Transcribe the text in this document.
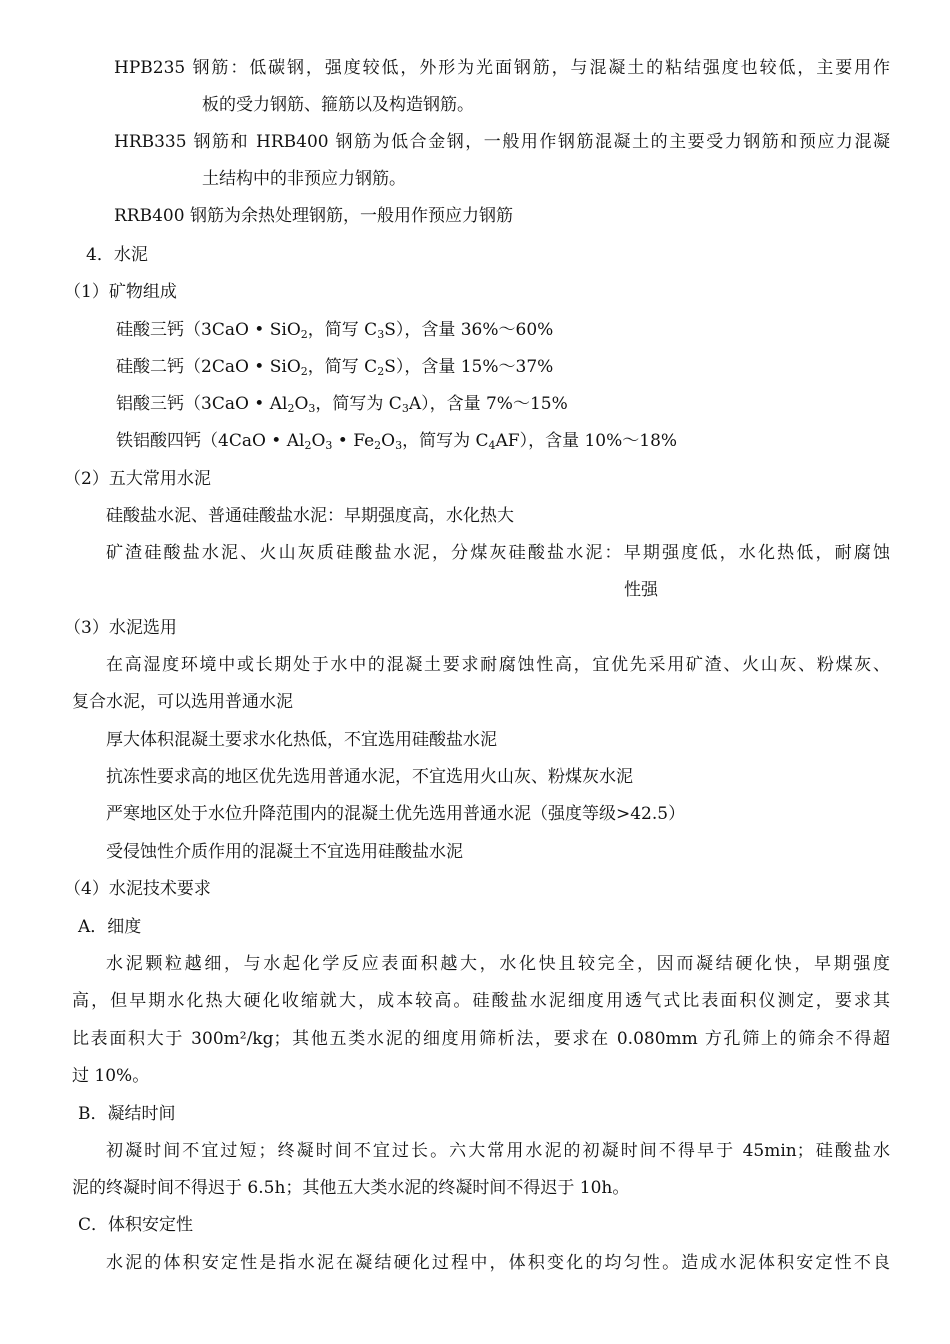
HPB235 钢筋：低碳钢，强度较低，外形为光面钢筋，与混凝土的粘结强度也较低，主要用作
板的受力钢筋、箍筋以及构造钢筋。
HRB335 钢筋和 HRB400 钢筋为低合金钢，一般用作钢筋混凝土的主要受力钢筋和预应力混凝
土结构中的非预应力钢筋。
RRB400 钢筋为余热处理钢筋，一般用作预应力钢筋
4．水泥
（1）矿物组成
硅酸三钙（3CaO • SiO$_2$，简写 $C_3S$），含量 36%～60%
硅酸二钙（2CaO • SiO$_2$，简写 $C_2S$），含量 15%～37%
铝酸三钙（3CaO • $Al_2O_3$，简写为 $C_3A$），含量 7%～15%
铁铝酸四钙（4CaO • $Al_2O_3$ • $Fe_2O_3$，简写为 $C_4AF$），含量 10%～18%
（2）五大常用水泥
硅酸盐水泥、普通硅酸盐水泥：早期强度高，水化热大
矿渣硅酸盐水泥、火山灰质硅酸盐水泥，分煤灰硅酸盐水泥：早期强度低，水化热低，耐腐蚀
性强
（3）水泥选用
在高湿度环境中或长期处于水中的混凝土要求耐腐蚀性高，宜优先采用矿渣、火山灰、粉煤灰、
复合水泥，可以选用普通水泥
厚大体积混凝土要求水化热低，不宜选用硅酸盐水泥
抗冻性要求高的地区优先选用普通水泥，不宜选用火山灰、粉煤灰水泥
严寒地区处于水位升降范围内的混凝土优先选用普通水泥（强度等级>42.5）
受侵蚀性介质作用的混凝土不宜选用硅酸盐水泥
（4）水泥技术要求
A．细度
水泥颗粒越细，与水起化学反应表面积越大，水化快且较完全，因而凝结硬化快，早期强度
高，但早期水化热大硬化收缩就大，成本较高。硅酸盐水泥细度用透气式比表面积仪测定，要求其
比表面积大于 300m²/kg；其他五类水泥的细度用筛析法，要求在 0.080mm 方孔筛上的筛余不得超
过 10%。
B．凝结时间
初凝时间不宜过短；终凝时间不宜过长。六大常用水泥的初凝时间不得早于 45min；硅酸盐水
泥的终凝时间不得迟于 6.5h；其他五大类水泥的终凝时间不得迟于 10h。
C．体积安定性
水泥的体积安定性是指水泥在凝结硬化过程中，体积变化的均匀性。造成水泥体积安定性不良
